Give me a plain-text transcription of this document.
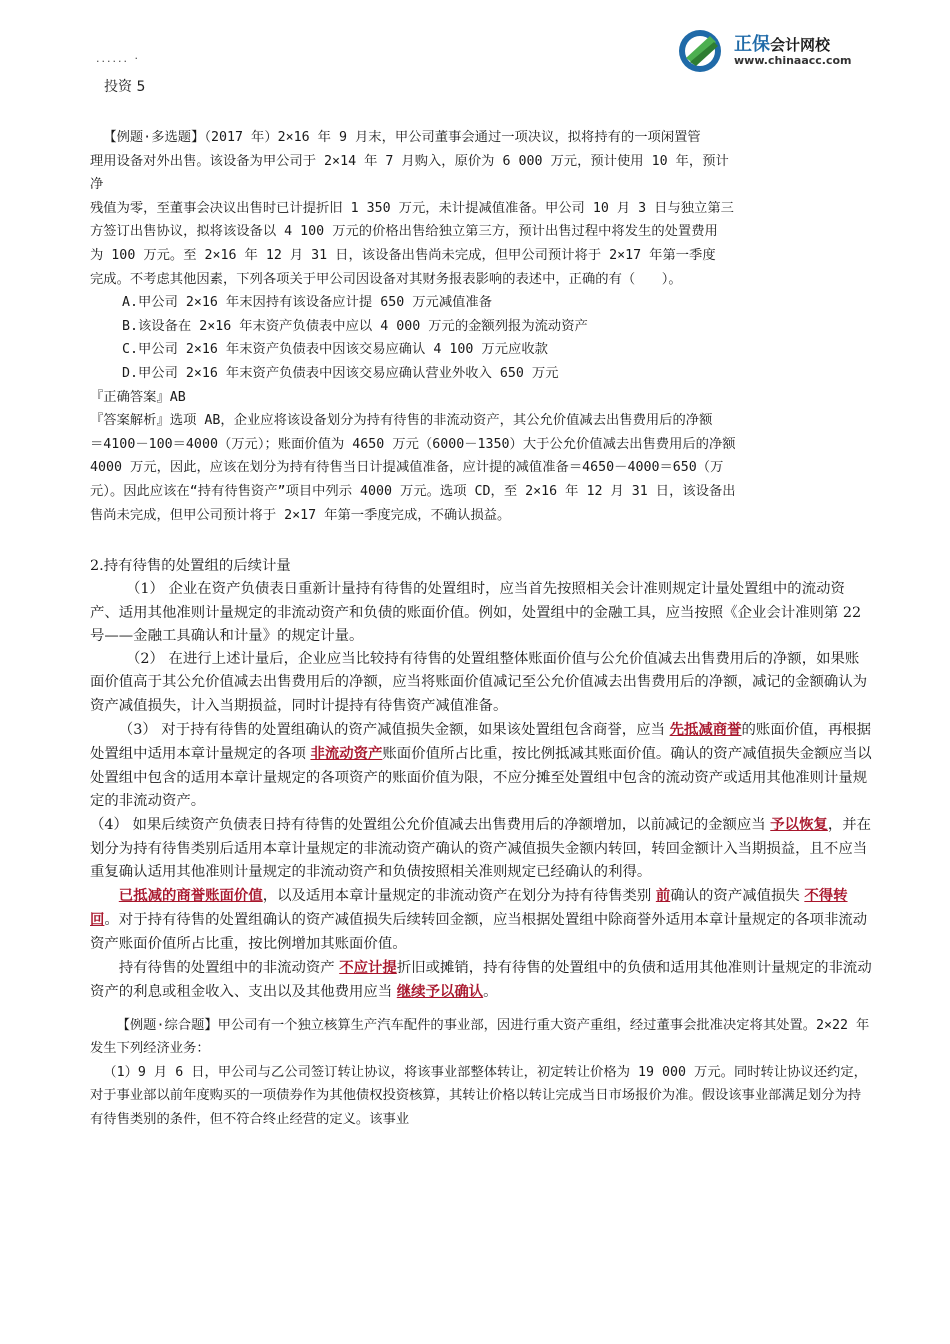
正保会计网校
www.chinaacc.com
...... ·
投资 5

【例题·多选题】（2017 年）2×16 年 9 月末，甲公司董事会通过一项决议，拟将持有的一项闲置管

理用设备对外出售。该设备为甲公司于 2×14 年 7 月购入，原价为 6 000 万元，预计使用 10 年，预计

净

残值为零，至董事会决议出售时已计提折旧 1 350 万元，未计提减值准备。甲公司 10 月 3 日与独立第三

方签订出售协议，拟将该设备以 4 100 万元的价格出售给独立第三方，预计出售过程中将发生的处置费用

为 100 万元。至 2×16 年 12 月 31 日，该设备出售尚未完成，但甲公司预计将于 2×17 年第一季度

完成。不考虑其他因素，下列各项关于甲公司因设备对其财务报表影响的表述中，正确的有（　　）。

A.甲公司 2×16 年末因持有该设备应计提 650 万元减值准备

B.该设备在 2×16 年末资产负债表中应以 4 000 万元的金额列报为流动资产

C.甲公司 2×16 年末资产负债表中因该交易应确认 4 100 万元应收款

D.甲公司 2×16 年末资产负债表中因该交易应确认营业外收入 650 万元

『正确答案』AB

『答案解析』选项 AB，企业应将该设备划分为持有待售的非流动资产，其公允价值减去出售费用后的净额

＝4100－100＝4000（万元）；账面价值为 4650 万元（6000－1350）大于公允价值减去出售费用后的净额

4000 万元，因此，应该在划分为持有待售当日计提减值准备，应计提的减值准备＝4650－4000＝650（万

元）。因此应该在“持有待售资产”项目中列示 4000 万元。选项 CD，至 2×16 年 12 月 31 日，该设备出

售尚未完成，但甲公司预计将于 2×17 年第一季度完成，不确认损益。

2.持有待售的处置组的后续计量

（1） 企业在资产负债表日重新计量持有待售的处置组时，应当首先按照相关会计准则规定计量处置组中的流动资产、适用其他准则计量规定的非流动资产和负债的账面价值。例如，处置组中的金融工具，应当按照《企业会计准则第 22 号——金融工具确认和计量》的规定计量。

（2） 在进行上述计量后，企业应当比较持有待售的处置组整体账面价值与公允价值减去出售费用后的净额，如果账面价值高于其公允价值减去出售费用后的净额，应当将账面价值减记至公允价值减去出售费用后的净额，减记的金额确认为资产减值损失，计入当期损益，同时计提持有待售资产减值准备。

（3） 对于持有待售的处置组确认的资产减值损失金额，如果该处置组包含商誉，应当 先抵减商誉的账面价值，再根据处置组中适用本章计量规定的各项 非流动资产账面价值所占比重，按比例抵减其账面价值。确认的资产减值损失金额应当以处置组中包含的适用本章计量规定的各项资产的账面价值为限，不应分摊至处置组中包含的流动资产或适用其他准则计量规定的非流动资产。

（4） 如果后续资产负债表日持有待售的处置组公允价值减去出售费用后的净额增加，以前减记的金额应当 予以恢复，并在划分为持有待售类别后适用本章计量规定的非流动资产确认的资产减值损失金额内转回，转回金额计入当期损益，且不应当重复确认适用其他准则计量规定的非流动资产和负债按照相关准则规定已经确认的利得。

已抵减的商誉账面价值，以及适用本章计量规定的非流动资产在划分为持有待售类别 前确认的资产减值损失 不得转回。对于持有待售的处置组确认的资产减值损失后续转回金额，应当根据处置组中除商誉外适用本章计量规定的各项非流动资产账面价值所占比重，按比例增加其账面价值。

持有待售的处置组中的非流动资产 不应计提折旧或摊销，持有待售的处置组中的负债和适用其他准则计量规定的非流动资产的利息或租金收入、支出以及其他费用应当 继续予以确认。

【例题·综合题】甲公司有一个独立核算生产汽车配件的事业部，因进行重大资产重组，经过董事会批准决定将其处置。2×22 年发生下列经济业务：

（1）9 月 6 日，甲公司与乙公司签订转让协议，将该事业部整体转让，初定转让价格为 19 000 万元。同时转让协议还约定，对于事业部以前年度购买的一项债券作为其他债权投资核算，其转让价格以转让完成当日市场报价为准。假设该事业部满足划分为持有待售类别的条件，但不符合终止经营的定义。该事业
